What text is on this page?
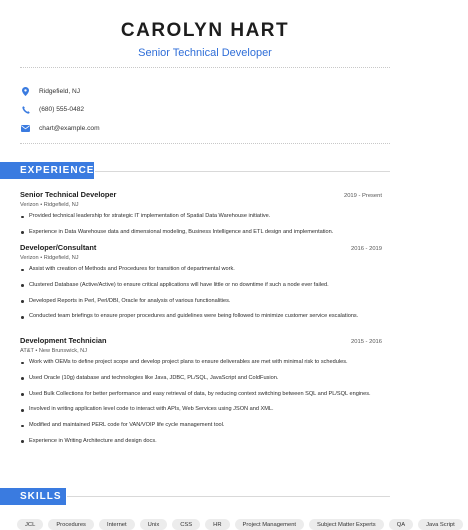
CAROLYN HART
Senior Technical Developer
Ridgefield, NJ
(680) 555-0482
chart@example.com
EXPERIENCE
Senior Technical Developer	2019 - Present
Verizon • Ridgefield, NJ
Provided technical leadership for strategic IT implementation of Spatial Data Warehouse initiative.
Experience in Data Warehouse data and dimensional modeling, Business Intelligence and ETL design and implementation.
Developer/Consultant	2016 - 2019
Verizon • Ridgefield, NJ
Assist with creation of Methods and Procedures for transition of departmental work.
Clustered Database (Active/Active) to ensure critical applications will have little or no downtime if such a node ever failed.
Developed Reports in Perl, Perl/DBI, Oracle for analysis of various functionalities.
Conducted team briefings to ensure proper procedures and guidelines were being followed to minimize customer service escalations.
Development Technician	2015 - 2016
AT&T • New Brunswick, NJ
Work with OEMs to define project scope and develop project plans to ensure deliverables are met with minimal risk to schedules.
Used Oracle (10g) database and technologies like Java, JDBC, PL/SQL, JavaScript and ColdFusion.
Used Bulk Collections for better performance and easy retrieval of data, by reducing context switching between SQL and PL/SQL engines.
Involved in writing application level code to interact with APIs, Web Services using JSON and XML.
Modified and maintained PERL code for VAN/VOIP life cycle management tool.
Experience in Writing Architecture and design docs.
SKILLS
JCL	Procedures	Internet	Unix	CSS	HR	Project Management	Subject Matter Experts	QA	Java Script
